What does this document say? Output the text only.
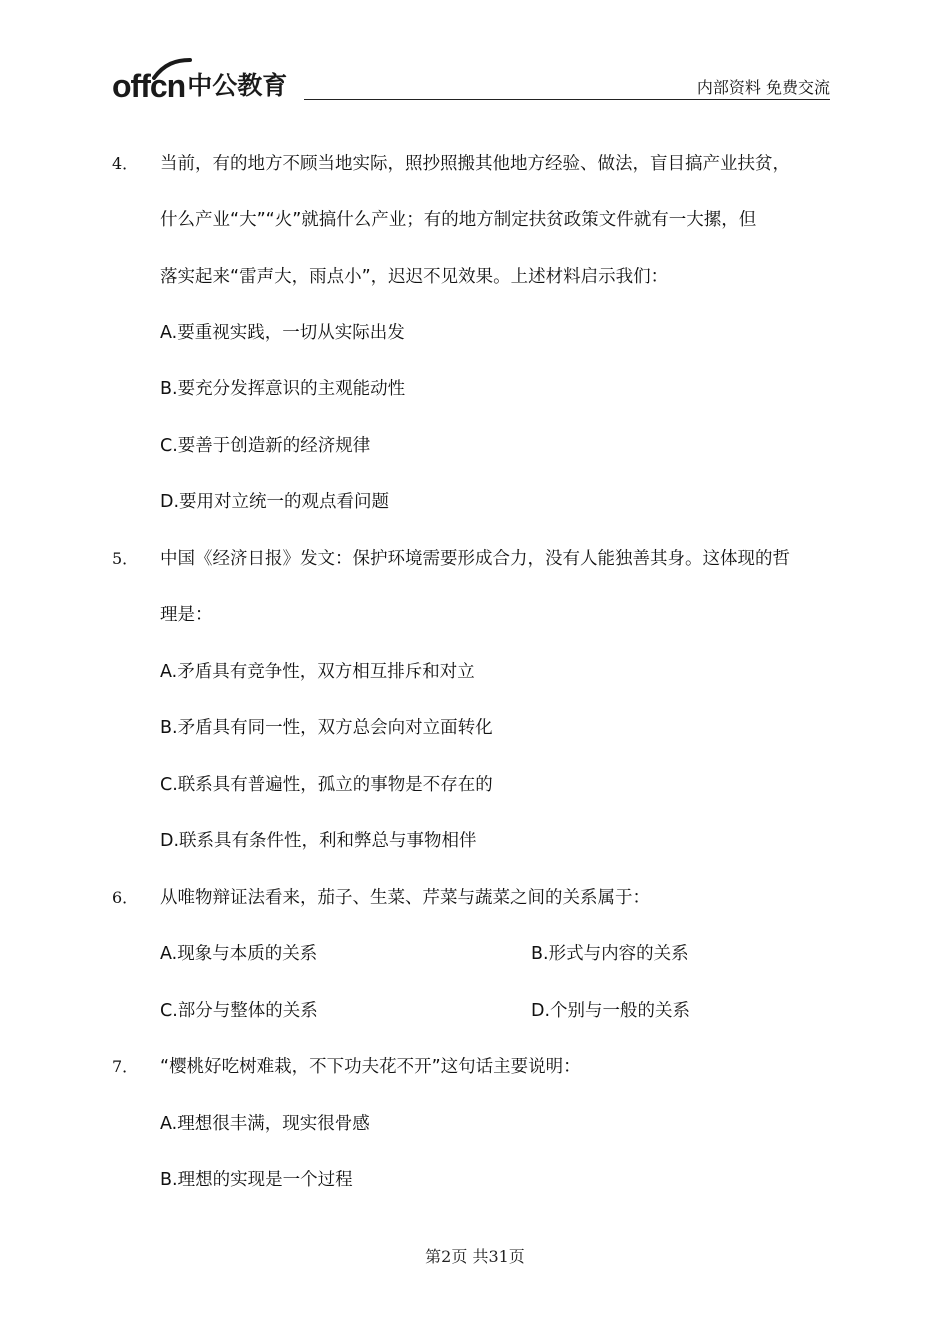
offcn 中公教育	内部资料 免费交流
4． 当前，有的地方不顾当地实际，照抄照搬其他地方经验、做法，盲目搞产业扶贫，
什么产业“大”“火”就搞什么产业；有的地方制定扶贫政策文件就有一大摞，但
落实起来“雷声大，雨点小”，迟迟不见效果。上述材料启示我们：
A.要重视实践，一切从实际出发
B.要充分发挥意识的主观能动性
C.要善于创造新的经济规律
D.要用对立统一的观点看问题
5． 中国《经济日报》发文：保护环境需要形成合力，没有人能独善其身。这体现的哲
理是：
A.矛盾具有竞争性，双方相互排斥和对立
B.矛盾具有同一性，双方总会向对立面转化
C.联系具有普遍性，孤立的事物是不存在的
D.联系具有条件性，利和弊总与事物相伴
6． 从唯物辩证法看来，茄子、生菜、芹菜与蔬菜之间的关系属于：
A.现象与本质的关系	B.形式与内容的关系
C.部分与整体的关系	D.个别与一般的关系
7． “樱桃好吃树难栽，不下功夫花不开”这句话主要说明：
A.理想很丰满，现实很骨感
B.理想的实现是一个过程
第2页 共31页
